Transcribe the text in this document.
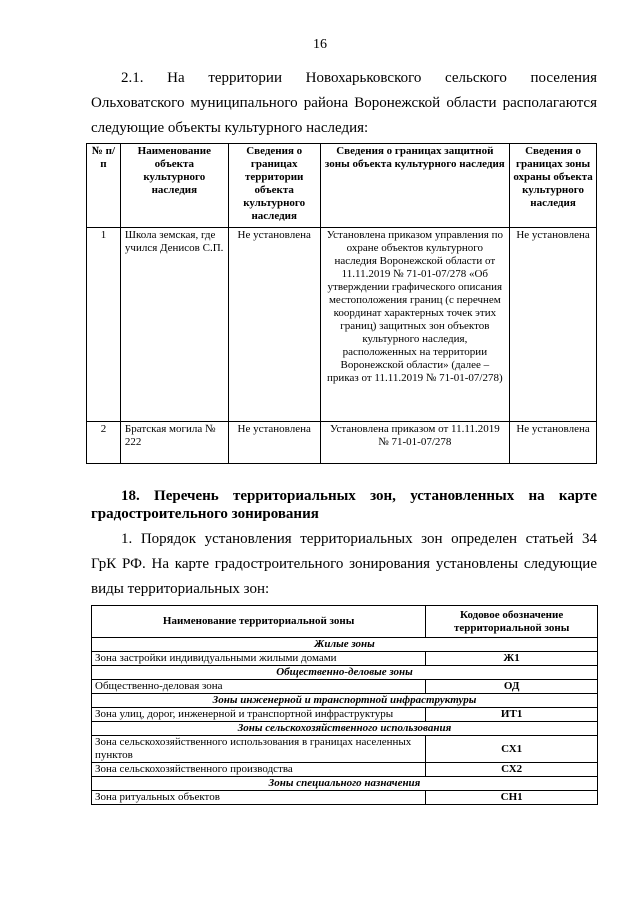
16
2.1. На территории Новохарьковского сельского поселения
Ольховатского муниципального района Воронежской области располагаются
следующие объекты культурного наследия:
№ п/п	Наименование объекта культурного наследия	Сведения о границах территории объекта культурного наследия	Сведения о границах защитной зоны объекта культурного наследия	Сведения о границах зоны охраны объекта культурного наследия
1	Школа земская, где учился Денисов С.П.	Не установлена	Установлена приказом управления по охране объектов культурного наследия Воронежской области от 11.11.2019 № 71-01-07/278 «Об утверждении графического описания местоположения границ (с перечнем координат характерных точек этих границ) защитных зон объектов культурного наследия, расположенных на территории Воронежской области» (далее – приказ от 11.11.2019 № 71-01-07/278)	Не установлена
2	Братская могила № 222	Не установлена	Установлена приказом от 11.11.2019 № 71-01-07/278	Не установлена
18. Перечень территориальных зон, установленных на карте
градостроительного зонирования
1. Порядок установления территориальных зон определен статьей 34
ГрК РФ. На карте градостроительного зонирования установлены следующие
виды территориальных зон:
Наименование территориальной зоны	Кодовое обозначение территориальной зоны
Жилые зоны	
Зона застройки индивидуальными жилыми домами	Ж1
Общественно-деловые зоны	
Общественно-деловая зона	ОД
Зоны инженерной и транспортной инфраструктуры	
Зона улиц, дорог, инженерной и транспортной инфраструктуры	ИТ1
Зоны сельскохозяйственного использования	
Зона сельскохозяйственного использования в границах населенных пунктов	СХ1
Зона сельскохозяйственного производства	СХ2
Зоны специального назначения	
Зона ритуальных объектов	СН1
